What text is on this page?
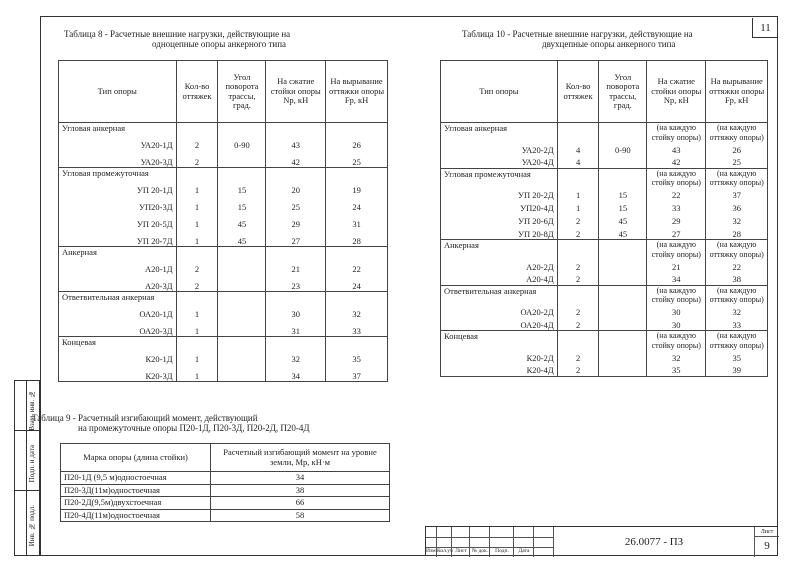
11
Взам. инв. №
Подп. и дата
Инв. № подл.
Таблица 8 - Расчетные внешние нагрузки, действующие на
одноцепные опоры анкерного типа
Тип опоры	Кол-во оттяжек	Угол поворота трассы, град.	На сжатие стойки опоры Nр, кН	На вырывание оттяжки опоры Fр, кН
Угловая анкерная				
УА20-1Д	2	0-90	43	26
УА20-3Д	2		42	25
Угловая промежуточная				
УП 20-1Д	1	15	20	19
УП20-3Д	1	15	25	24
УП 20-5Д	1	45	29	31
УП 20-7Д	1	45	27	28
Анкерная				
А20-1Д	2		21	22
А20-3Д	2		23	24
Ответвительная анкерная				
ОА20-1Д	1		30	32
ОА20-3Д	1		31	33
Концевая				
К20-1Д	1		32	35
К20-3Д	1		34	37
Таблица 9 - Расчетный изгибающий момент, действующий
на промежуточные опоры П20-1Д, П20-3Д, П20-2Д, П20-4Д
Марка опоры (длина стойки)	Расчетный изгибающий момент на уровне земли, Мр, кН·м
П20-1Д (9,5 м)одностоечная	34
П20-3Д(11м)одностоечная	38
П20-2Д(9,5м)двухстоечная	66
П20-4Д(11м)одностоечная	58
Таблица 10 - Расчетные внешние нагрузки, действующие на
двухцепные опоры анкерного типа
Тип опоры	Кол-во оттяжек	Угол поворота трассы, град.	На сжатие стойки опоры Nр, кН	На вырывание оттяжки опоры Fр, кН
Угловая анкерная			(на каждую стойку опоры)	(на каждую оттяжку опоры)
УА20-2Д	4	0-90	43	26
УА20-4Д	4		42	25
Угловая промежуточная			(на каждую стойку опоры)	(на каждую оттяжку опоры)
УП 20-2Д	1	15	22	37
УП20-4Д	1	15	33	36
УП 20-6Д	2	45	29	32
УП 20-8Д	2	45	27	28
Анкерная			(на каждую стойку опоры)	(на каждую оттяжку опоры)
А20-2Д	2		21	22
А20-4Д	2		34	38
Ответвительная анкерная			(на каждую стойку опоры)	(на каждую оттяжку опоры)
ОА20-2Д	2		30	32
ОА20-4Д	2		30	33
Концевая			(на каждую стойку опоры)	(на каждую оттяжку опоры)
К20-2Д	2		32	35
К20-4Д	2		35	39
Изм. Кол.уч Лист № док.	Подп.	Дата
26.0077 - ПЗ
Лист
9
